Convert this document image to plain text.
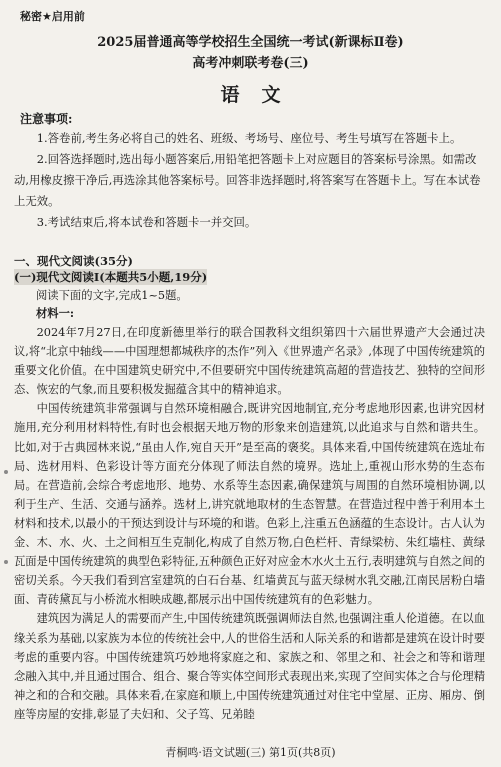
秘密★启用前
2025届普通高等学校招生全国统一考试(新课标Ⅱ卷)
高考冲刺联考卷(三)
语文
注意事项:

1.答卷前,考生务必将自己的姓名、班级、考场号、座位号、考生号填写在答题卡上。

2.回答选择题时,选出每小题答案后,用铅笔把答题卡上对应题目的答案标号涂黑。如需改动,用橡皮擦干净后,再选涂其他答案标号。回答非选择题时,将答案写在答题卡上。写在本试卷上无效。

3.考试结束后,将本试卷和答题卡一并交回。

一、现代文阅读(35分)
(一)现代文阅读Ⅰ(本题共5小题,19分)
阅读下面的文字,完成1~5题。
材料一:

2024年7月27日,在印度新德里举行的联合国教科文组织第四十六届世界遗产大会通过决议,将“北京中轴线——中国理想都城秩序的杰作”列入《世界遗产名录》,体现了中国传统建筑的重要文化价值。在中国建筑史研究中,不但要研究中国传统建筑高超的营造技艺、独特的空间形态、恢宏的气象,而且要积极发掘蕴含其中的精神追求。

中国传统建筑非常强调与自然环境相融合,既讲究因地制宜,充分考虑地形因素,也讲究因材施用,充分利用材料特性,有时也会根据天地万物的形象来创造建筑,以此追求与自然和谐共生。比如,对于古典园林来说,“虽由人作,宛自天开”是至高的褒奖。具体来看,中国传统建筑在选址布局、选材用料、色彩设计等方面充分体现了师法自然的境界。选址上,重视山形水势的生态布局。在营造前,会综合考虑地形、地势、水系等生态因素,确保建筑与周围的自然环境相协调,以利于生产、生活、交通与涵养。选材上,讲究就地取材的生态智慧。在营造过程中善于利用本土材料和技术,以最小的干预达到设计与环境的和谐。色彩上,注重五色涵蕴的生态设计。古人认为金、木、水、火、土之间相互生克制化,构成了自然万物,白色栏杆、青绿梁枋、朱红墙柱、黄绿瓦面是中国传统建筑的典型色彩特征,五种颜色正好对应金木水火土五行,表明建筑与自然之间的密切关系。今天我们看到宫室建筑的白石台基、红墙黄瓦与蓝天绿树水乳交融,江南民居粉白墙面、青砖黛瓦与小桥流水相映成趣,都展示出中国传统建筑有的色彩魅力。

建筑因为满足人的需要而产生,中国传统建筑既强调师法自然,也强调注重人伦道德。在以血缘关系为基础,以家族为本位的传统社会中,人的世俗生活和人际关系的和谐都是建筑在设计时要考虑的重要内容。中国传统建筑巧妙地将家庭之和、家族之和、邻里之和、社会之和等和谐理念融入其中,并且通过围合、组合、聚合等实体空间形式表现出来,实现了空间实体之合与伦理精神之和的合和交融。具体来看,在家庭和顺上,中国传统建筑通过对住宅中堂屋、正房、厢房、倒座等房屋的安排,彰显了夫妇和、父子笃、兄弟睦

青桐鸣·语文试题(三) 第1页(共8页)
